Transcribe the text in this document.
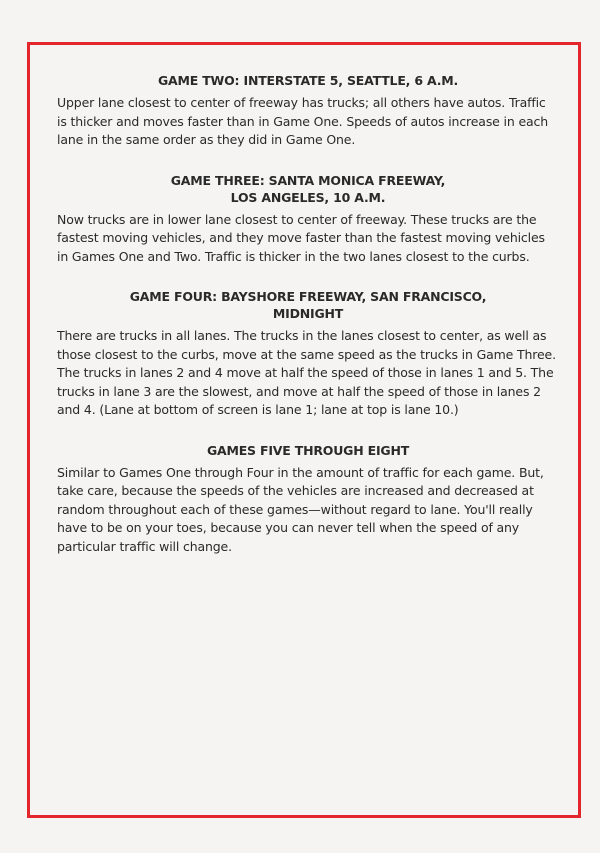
GAME TWO: INTERSTATE 5, SEATTLE, 6 A.M.

Upper lane closest to center of freeway has trucks; all others have autos. Traffic is thicker and moves faster than in Game One. Speeds of autos increase in each lane in the same order as they did in Game One.

GAME THREE: SANTA MONICA FREEWAY,
LOS ANGELES, 10 A.M.

Now trucks are in lower lane closest to center of freeway. These trucks are the fastest moving vehicles, and they move faster than the fastest moving vehicles in Games One and Two. Traffic is thicker in the two lanes closest to the curbs.

GAME FOUR: BAYSHORE FREEWAY, SAN FRANCISCO,
MIDNIGHT

There are trucks in all lanes. The trucks in the lanes closest to center, as well as those closest to the curbs, move at the same speed as the trucks in Game Three. The trucks in lanes 2 and 4 move at half the speed of those in lanes 1 and 5. The trucks in lane 3 are the slowest, and move at half the speed of those in lanes 2 and 4. (Lane at bottom of screen is lane 1; lane at top is lane 10.)

GAMES FIVE THROUGH EIGHT

Similar to Games One through Four in the amount of traffic for each game. But, take care, because the speeds of the vehicles are increased and decreased at random throughout each of these games—without regard to lane. You'll really have to be on your toes, because you can never tell when the speed of any particular traffic will change.
